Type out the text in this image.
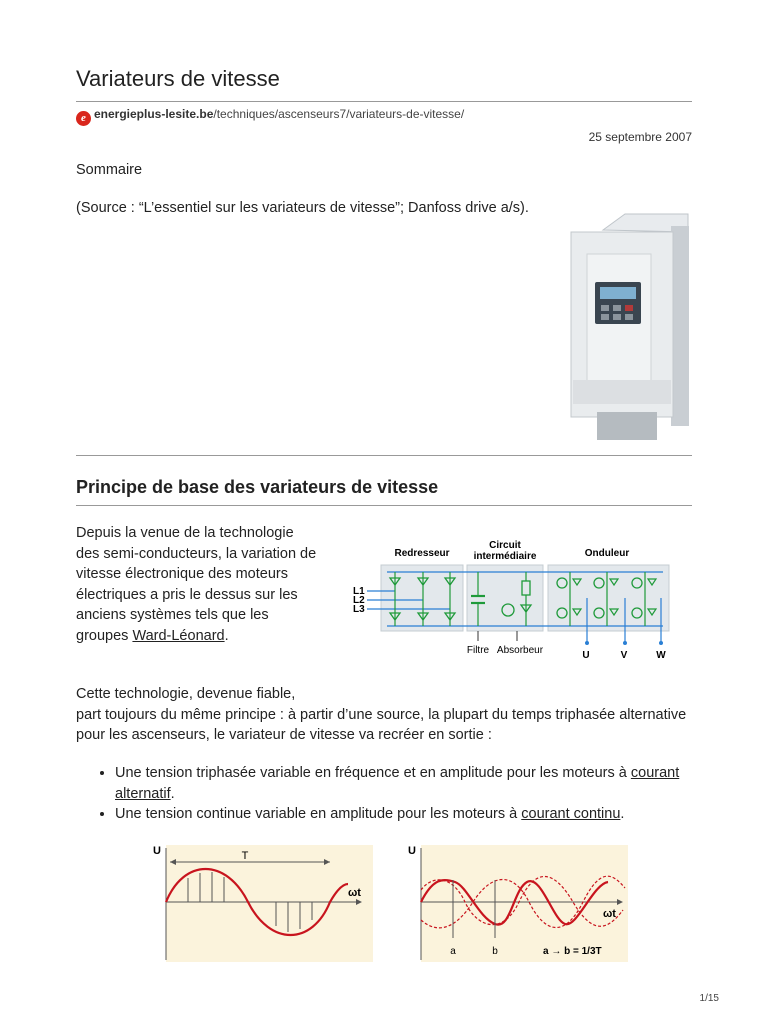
Variateurs de vitesse
e energieplus-lesite.be/techniques/ascenseurs7/variateurs-de-vitesse/
25 septembre 2007

Sommaire

(Source : “L’essentiel sur les variateurs de vitesse”; Danfoss drive a/s).

Principe de base des variateurs de vitesse

Depuis la venue de la technologie des semi-conducteurs, la variation de vitesse électronique des moteurs électriques a pris le dessus sur les anciens systèmes tels que les groupes Ward-Léonard.

Redresseur
Circuit
intermédiaire	Onduleur
L1
L2
L3
Filtre Absorbeur	U	V	W

Cette technologie, devenue fiable,
part toujours du même principe : à partir d’une source, la plupart du temps triphasée alternative pour les ascenseurs, le variateur de vitesse va recréer en sortie :

• Une tension triphasée variable en fréquence et en amplitude pour les moteurs à courant alternatif.
• Une tension continue variable en amplitude pour les moteurs à courant continu.
U	T
ωt
U
ωt
a	b	a → b = 1/3T
1/15
